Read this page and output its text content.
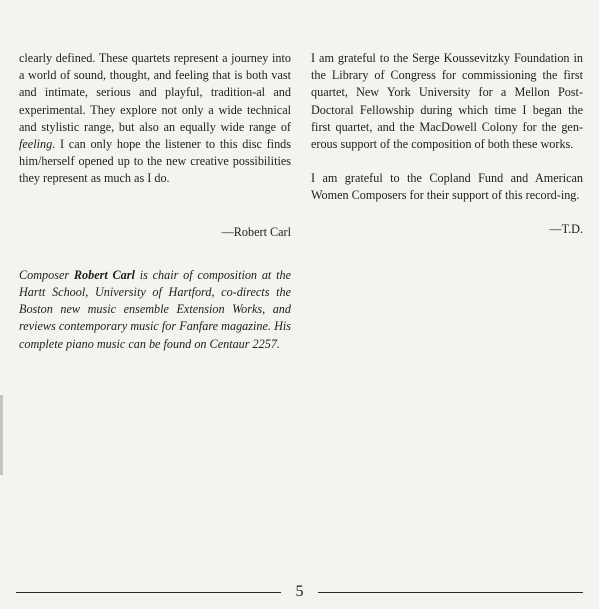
clearly defined. These quartets represent a journey into a world of sound, thought, and feeling that is both vast and intimate, serious and playful, tradition-al and experimental. They explore not only a wide technical and stylistic range, but also an equally wide range of feeling. I can only hope the listener to this disc finds him/herself opened up to the new creative possibilities they represent as much as I do.

—Robert Carl

Composer Robert Carl is chair of composition at the Hartt School, University of Hartford, co-directs the Boston new music ensemble Extension Works, and reviews contemporary music for Fanfare magazine. His complete piano music can be found on Centaur 2257.

I am grateful to the Serge Koussevitzky Foundation in the Library of Congress for commissioning the first quartet, New York University for a Mellon Post-Doctoral Fellowship during which time I began the first quartet, and the MacDowell Colony for the gen-erous support of the composition of both these works.

I am grateful to the Copland Fund and American Women Composers for their support of this record-ing.

—T.D.

5
